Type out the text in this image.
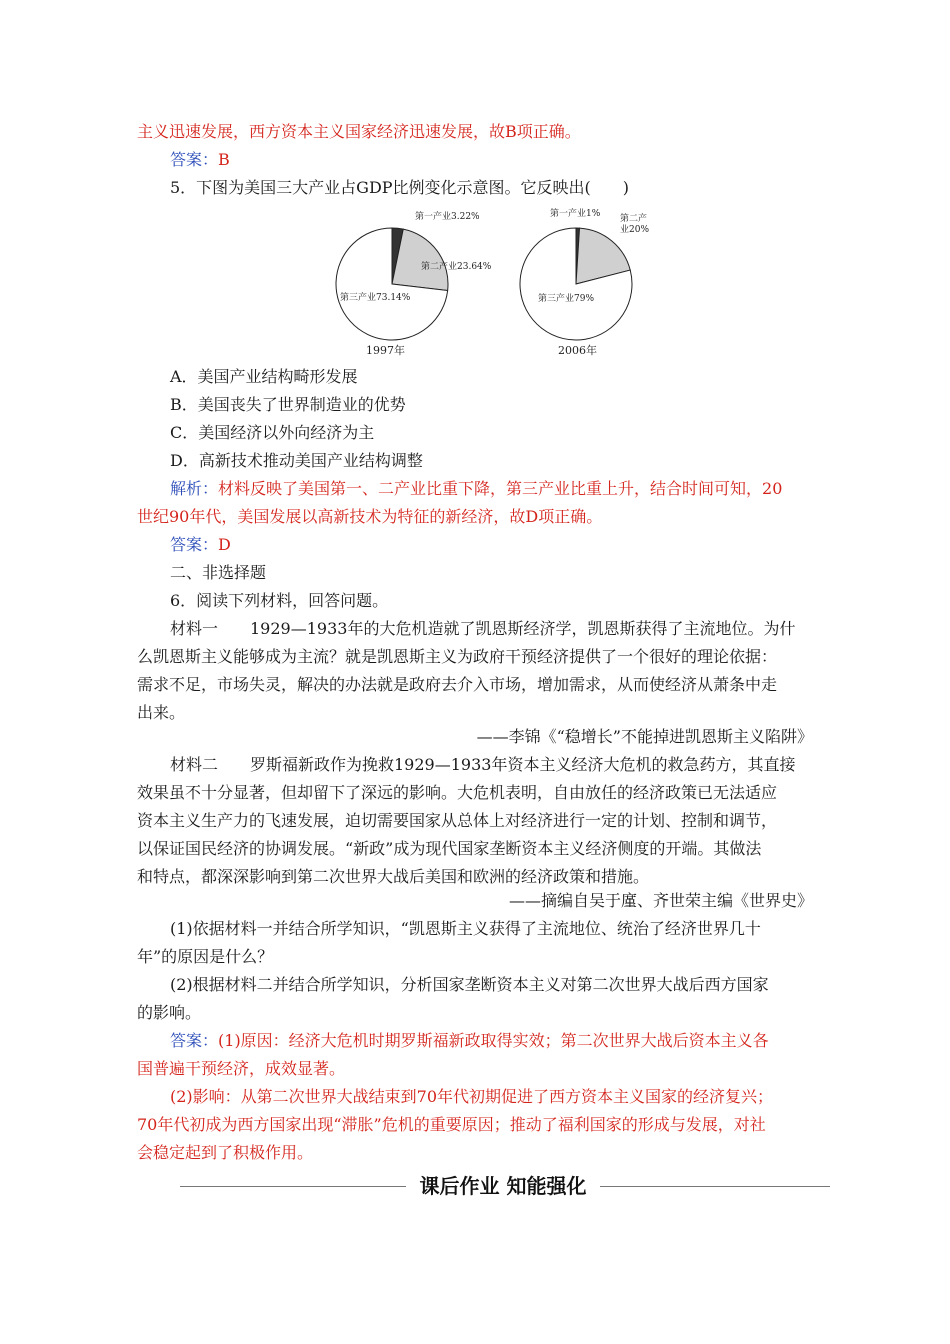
主义迅速发展，西方资本主义国家经济迅速发展，故B项正确。
答案：B
5．下图为美国三大产业占GDP比例变化示意图。它反映出(　　)
第一产业3.22%
第二产业23.64%
第三产业73.14%
1997年
第一产业1% 第二产
业20%
第三产业79%
2006年
A．美国产业结构畸形发展
B．美国丧失了世界制造业的优势
C．美国经济以外向经济为主
D．高新技术推动美国产业结构调整
解析：材料反映了美国第一、二产业比重下降，第三产业比重上升，结合时间可知，20
世纪90年代，美国发展以高新技术为特征的新经济，故D项正确。
答案：D
二、非选择题
6．阅读下列材料，回答问题。
材料一　　1929—1933年的大危机造就了凯恩斯经济学，凯恩斯获得了主流地位。为什
么凯恩斯主义能够成为主流？就是凯恩斯主义为政府干预经济提供了一个很好的理论依据：
需求不足，市场失灵，解决的办法就是政府去介入市场，增加需求，从而使经济从萧条中走
出来。
——李锦《“稳增长”不能掉进凯恩斯主义陷阱》
材料二　　罗斯福新政作为挽救1929—1933年资本主义经济大危机的救急药方，其直接
效果虽不十分显著，但却留下了深远的影响。大危机表明，自由放任的经济政策已无法适应
资本主义生产力的飞速发展，迫切需要国家从总体上对经济进行一定的计划、控制和调节，
以保证国民经济的协调发展。“新政”成为现代国家垄断资本主义经济侧度的开端。其做法
和特点，都深深影响到第二次世界大战后美国和欧洲的经济政策和措施。
——摘编自吴于廑、齐世荣主编《世界史》
(1)依据材料一并结合所学知识，“凯恩斯主义获得了主流地位、统治了经济世界几十
年”的原因是什么？
(2)根据材料二并结合所学知识，分析国家垄断资本主义对第二次世界大战后西方国家
的影响。
答案：(1)原因：经济大危机时期罗斯福新政取得实效；第二次世界大战后资本主义各
国普遍干预经济，成效显著。
(2)影响：从第二次世界大战结束到70年代初期促进了西方资本主义国家的经济复兴；
70年代初成为西方国家出现“滞胀”危机的重要原因；推动了福利国家的形成与发展，对社
会稳定起到了积极作用。
课后作业 知能强化
